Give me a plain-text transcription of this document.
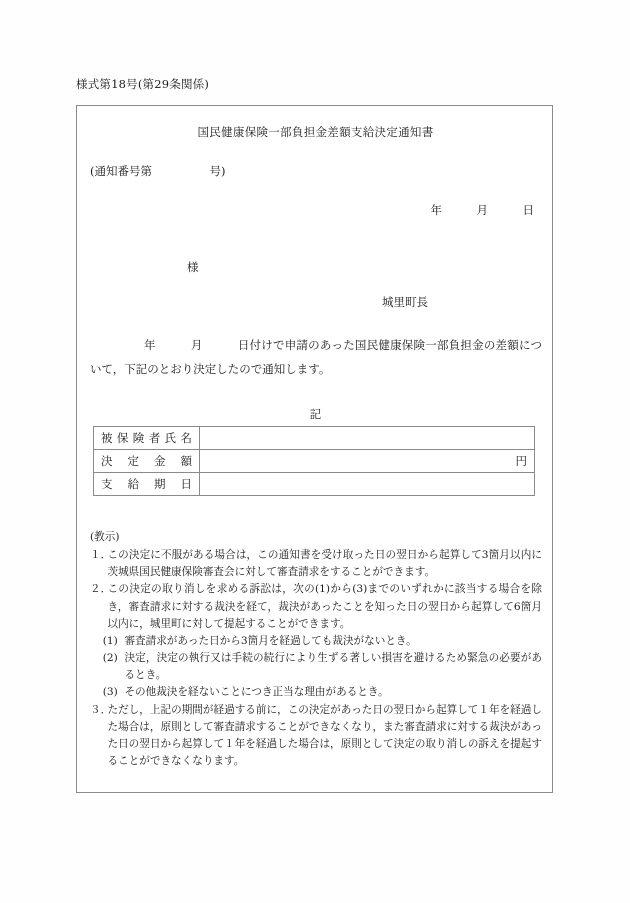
様式第18号(第29条関係)
国民健康保険一部負担金差額支給決定通知書
(通知番号第　　　　　号)
年　　　月　　　日
様
城里町長
年　　　月　　　日付けで申請のあった国民健康保険一部負担金の差額について，下記のとおり決定したので通知します。
記
被保険者氏名	
決定金額	円
支給期日	
(教示)
１．
この決定に不服がある場合は，この通知書を受け取った日の翌日から起算して3箇月以内に茨城県国民健康保険審査会に対して審査請求をすることができます。
２．
この決定の取り消しを求める訴訟は，次の(1)から(3)までのいずれかに該当する場合を除き，審査請求に対する裁決を経て，裁決があったことを知った日の翌日から起算して6箇月以内に，城里町に対して提起することができます。
(1) 審査請求があった日から3箇月を経過しても裁決がないとき。
(2) 決定，決定の執行又は手続の続行により生ずる著しい損害を避けるため緊急の必要があるとき。
(3) その他裁決を経ないことにつき正当な理由があるとき。
３．
ただし，上記の期間が経過する前に，この決定があった日の翌日から起算して１年を経過した場合は，原則として審査請求することができなくなり，また審査請求に対する裁決があった日の翌日から起算して１年を経過した場合は，原則として決定の取り消しの訴えを提起することができなくなります。
